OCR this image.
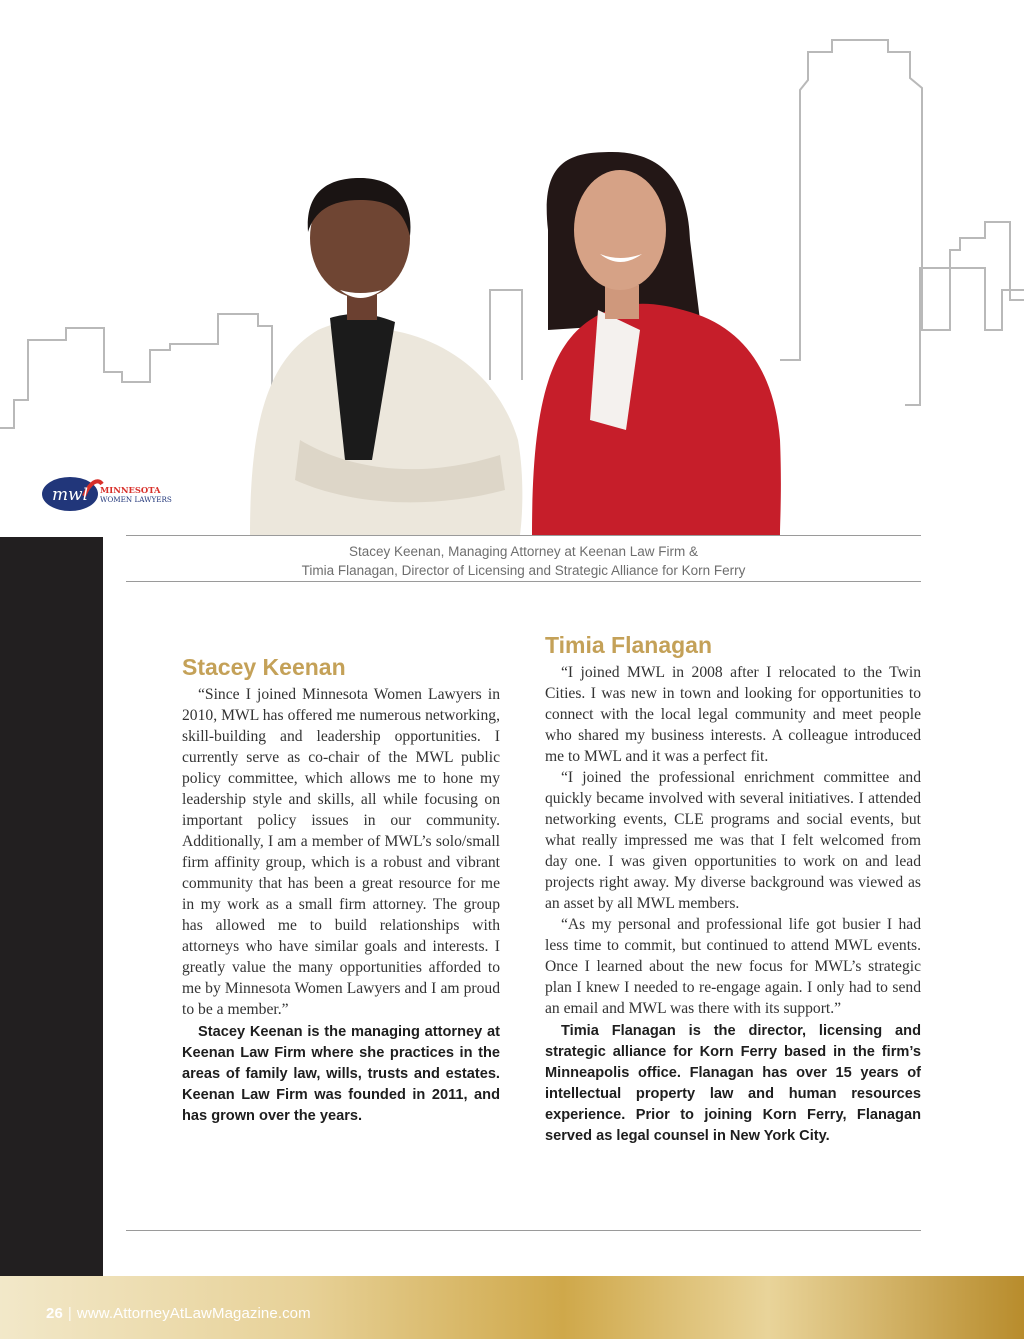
mwl MINNESOTA
WOMEN LAWYERS
Stacey Keenan, Managing Attorney at Keenan Law Firm &
Timia Flanagan, Director of Licensing and Strategic Alliance for Korn Ferry
Stacey Keenan

“Since I joined Minnesota Women Lawyers in 2010, MWL has offered me numerous networking, skill-building and leadership opportunities. I currently serve as co-chair of the MWL public policy committee, which allows me to hone my leadership style and skills, all while focusing on important policy issues in our community. Additionally, I am a member of MWL’s solo/small firm affinity group, which is a robust and vibrant community that has been a great resource for me in my work as a small firm attorney. The group has allowed me to build relationships with attorneys who have similar goals and interests. I greatly value the many opportunities afforded to me by Minnesota Women Lawyers and I am proud to be a member.”

Stacey Keenan is the managing attorney at Keenan Law Firm where she practices in the areas of family law, wills, trusts and estates. Keenan Law Firm was founded in 2011, and has grown over the years.

Timia Flanagan

“I joined MWL in 2008 after I relocated to the Twin Cities. I was new in town and looking for opportunities to connect with the local legal community and meet people who shared my business interests. A colleague introduced me to MWL and it was a perfect fit.

“I joined the professional enrichment committee and quickly became involved with several initiatives. I attended networking events, CLE programs and social events, but what really impressed me was that I felt welcomed from day one. I was given opportunities to work on and lead projects right away. My diverse background was viewed as an asset by all MWL members.

“As my personal and professional life got busier I had less time to commit, but continued to attend MWL events. Once I learned about the new focus for MWL’s strategic plan I knew I needed to re-engage again. I only had to send an email and MWL was there with its support.”

Timia Flanagan is the director, licensing and strategic alliance for Korn Ferry based in the firm’s Minneapolis office. Flanagan has over 15 years of intellectual property law and human resources experience. Prior to joining Korn Ferry, Flanagan served as legal counsel in New York City.

26 | www.AttorneyAtLawMagazine.com
